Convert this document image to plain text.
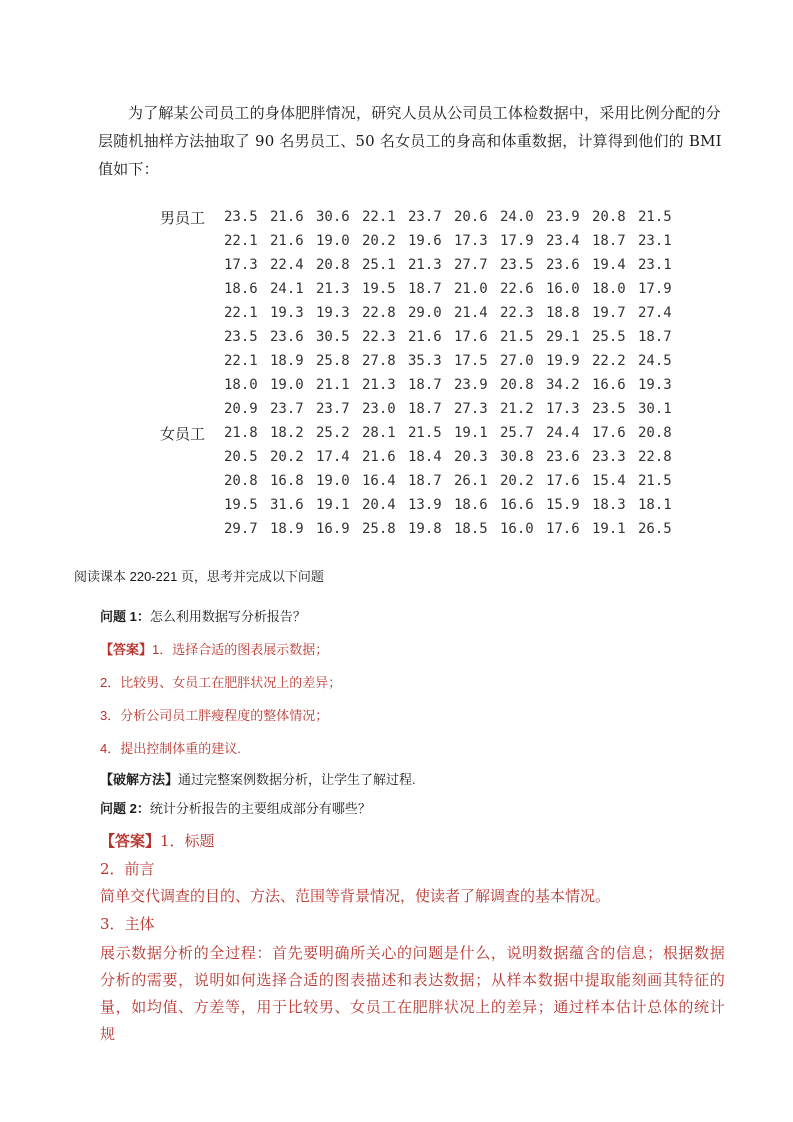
为了解某公司员工的身体肥胖情况，研究人员从公司员工体检数据中，采用比例分配的分层随机抽样方法抽取了 90 名男员工、50 名女员工的身高和体重数据，计算得到他们的 BMI 值如下：
男员工	23.5 21.6 30.6 22.1 23.7 20.6 24.0 23.9 20.8 21.5
22.1 21.6 19.0 20.2 19.6 17.3 17.9 23.4 18.7 23.1
17.3 22.4 20.8 25.1 21.3 27.7 23.5 23.6 19.4 23.1
18.6 24.1 21.3 19.5 18.7 21.0 22.6 16.0 18.0 17.9
22.1 19.3 19.3 22.8 29.0 21.4 22.3 18.8 19.7 27.4
23.5 23.6 30.5 22.3 21.6 17.6 21.5 29.1 25.5 18.7
22.1 18.9 25.8 27.8 35.3 17.5 27.0 19.9 22.2 24.5
18.0 19.0 21.1 21.3 18.7 23.9 20.8 34.2 16.6 19.3
20.9 23.7 23.7 23.0 18.7 27.3 21.2 17.3 23.5 30.1
女员工	21.8 18.2 25.2 28.1 21.5 19.1 25.7 24.4 17.6 20.8
20.5 20.2 17.4 21.6 18.4 20.3 30.8 23.6 23.3 22.8
20.8 16.8 19.0 16.4 18.7 26.1 20.2 17.6 15.4 21.5
19.5 31.6 19.1 20.4 13.9 18.6 16.6 15.9 18.3 18.1
29.7 18.9 16.9 25.8 19.8 18.5 16.0 17.6 19.1 26.5
阅读课本 220-221 页，思考并完成以下问题
问题 1：怎么利用数据写分析报告？
【答案】1．选择合适的图表展示数据；
2．比较男、女员工在肥胖状况上的差异；
3．分析公司员工胖瘦程度的整体情况；
4．提出控制体重的建议.
【破解方法】通过完整案例数据分析，让学生了解过程.
问题 2：统计分析报告的主要组成部分有哪些？
【答案】1．标题
2．前言
简单交代调查的目的、方法、范围等背景情况，使读者了解调查的基本情况。
3．主体
展示数据分析的全过程：首先要明确所关心的问题是什么，说明数据蕴含的信息；根据数据分析的需要，说明如何选择合适的图表描述和表达数据；从样本数据中提取能刻画其特征的量，如均值、方差等，用于比较男、女员工在肥胖状况上的差异；通过样本估计总体的统计规
